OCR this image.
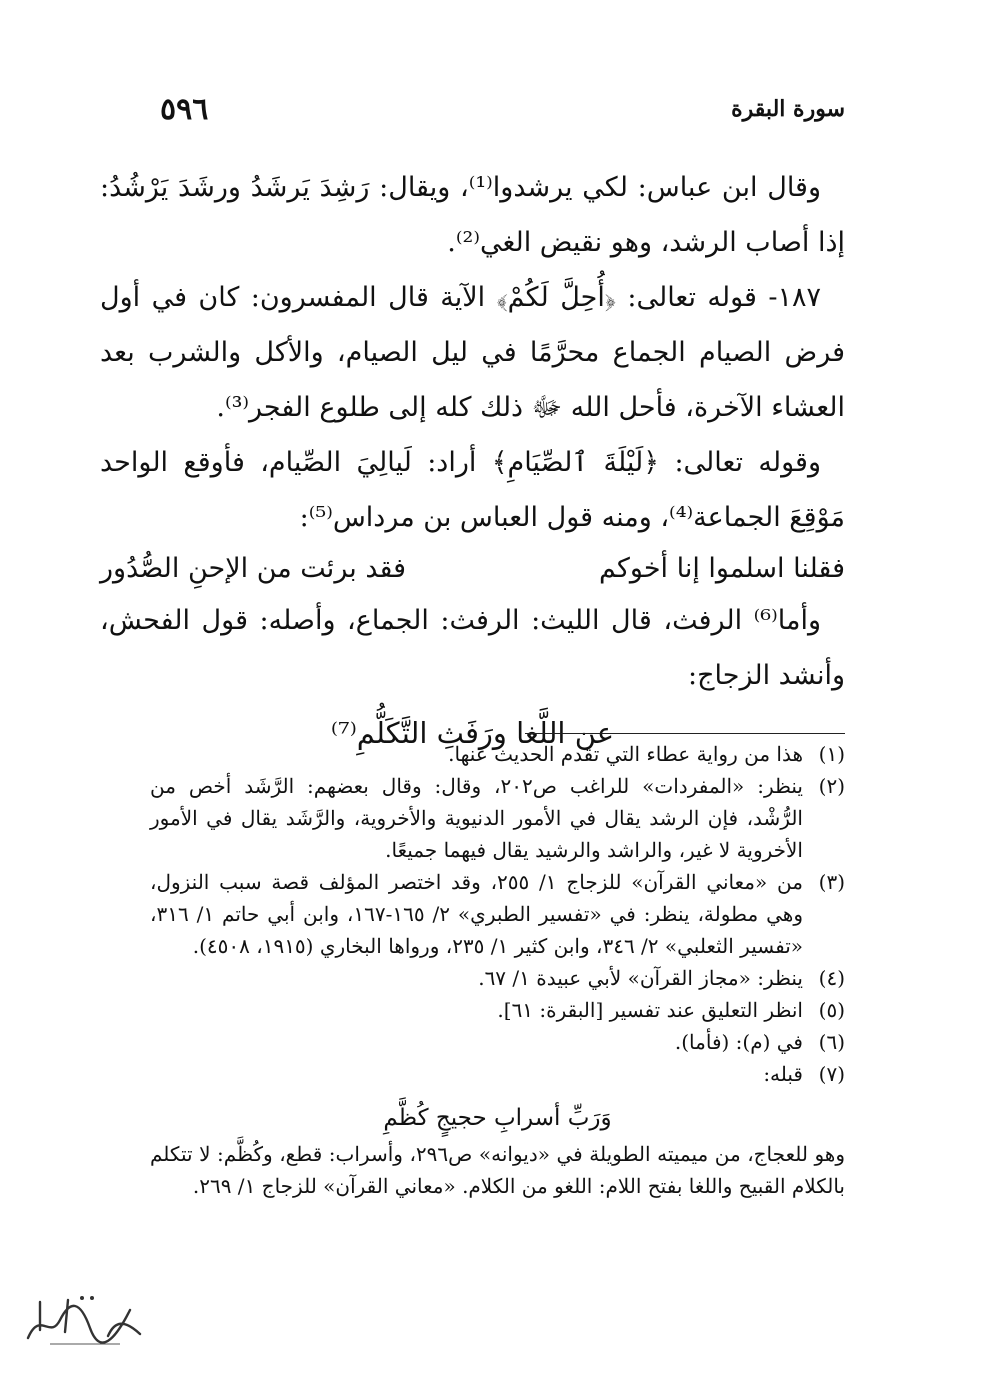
٥٩٦	سورة البقرة

وقال ابن عباس: لكي يرشدوا⁽¹⁾، ويقال: رَشِدَ يَرشَدُ ورشَدَ يَرْشُدُ: إذا أصاب الرشد، وهو نقيض الغي⁽²⁾.

١٨٧- قوله تعالى: ﴿أُحِلَّ لَكُمْ﴾ الآية قال المفسرون: كان في أول فرض الصيام الجماع محرَّمًا في ليل الصيام، والأكل والشرب بعد العشاء الآخرة، فأحل الله ﷻ ذلك كله إلى طلوع الفجر⁽³⁾.

وقوله تعالى: ﴿لَيْلَةَ ٱلصِّيَامِ﴾ أراد: لَيالِيَ الصِّيام، فأوقع الواحد مَوْقِعَ الجماعة⁽⁴⁾، ومنه قول العباس بن مرداس⁽⁵⁾:

فقلنا اسلموا إنا أخوكم
فقد برئت من الإحنِ الصُّدُور

وأما⁽⁶⁾ الرفث، قال الليث: الرفث: الجماع، وأصله: قول الفحش، وأنشد الزجاج:

عن اللَّغا ورَفَثِ التَّكَلُّمِ⁽⁷⁾

(١)
هذا من رواية عطاء التي تقدم الحديث عنها.
(٢)
ينظر: «المفردات» للراغب ص٢٠٢، وقال: وقال بعضهم: الرَّشَد أخص من الرُّشْد، فإن الرشد يقال في الأمور الدنيوية والأخروية، والرَّشَد يقال في الأمور الأخروية لا غير، والراشد والرشيد يقال فيهما جميعًا.
(٣)
من «معاني القرآن» للزجاج ١/ ٢٥٥، وقد اختصر المؤلف قصة سبب النزول، وهي مطولة، ينظر: في «تفسير الطبري» ٢/ ١٦٥-١٦٧، وابن أبي حاتم ١/ ٣١٦، «تفسير الثعلبي» ٢/ ٣٤٦، وابن كثير ١/ ٢٣٥، ورواها البخاري (١٩١٥، ٤٥٠٨).
(٤)
ينظر: «مجاز القرآن» لأبي عبيدة ١/ ٦٧.
(٥)
انظر التعليق عند تفسير [البقرة: ٦١].
(٦)
في (م): (فأما).
(٧)
قبله:

وَرَبِّ أسرابِ حجيجٍ كُظَّمِ

وهو للعجاج، من ميميته الطويلة في «ديوانه» ص٢٩٦، وأسراب: قطع، وكُظَّم: لا تتكلم بالكلام القبيح واللغا بفتح اللام: اللغو من الكلام. «معاني القرآن» للزجاج ١/ ٢٦٩.
